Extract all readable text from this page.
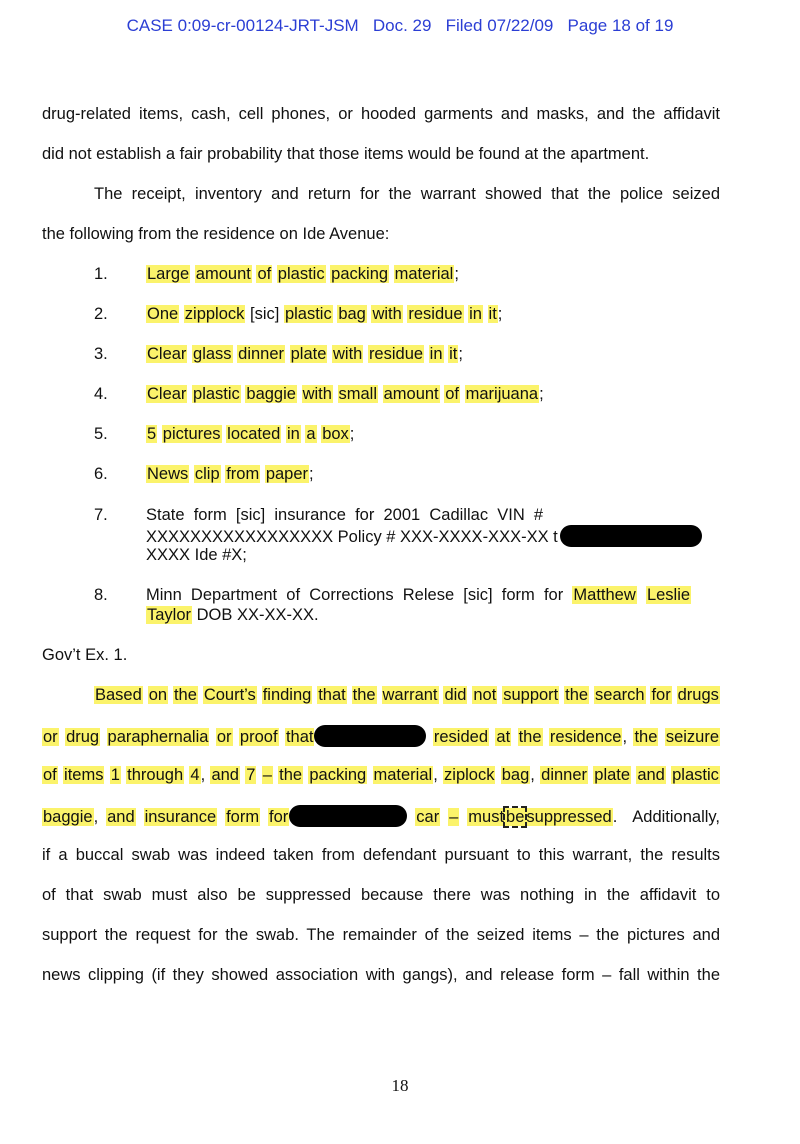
CASE 0:09-cr-00124-JRT-JSM   Doc. 29   Filed 07/22/09   Page 18 of 19
drug-related items, cash, cell phones, or hooded garments and masks, and the affidavit
did not establish a fair probability that those items would be found at the apartment.
The receipt, inventory and return for the warrant showed that the police seized
the following from the residence on Ide Avenue:
1. Large amount of plastic packing material;
2. One zipplock [sic] plastic bag with residue in it;
3. Clear glass dinner plate with residue in it;
4. Clear plastic baggie with small amount of marijuana;
5. 5 pictures located in a box;
6. News clip from paper;
7. State  form  [sic]  insurance  for  2001  Cadillac  VIN  #
XXXXXXXXXXXXXXXXX Policy # XXX-XXXX-XXX-XX t
XXXX Ide #X;
8. Minn  Department  of  Corrections  Relese  [sic]  form  for Matthew Leslie
Taylor DOB XX-XX-XX.
Gov’t Ex. 1.
Based on the Court’s finding that the warrant did not support the search for drugs
or drug paraphernalia or proof that	resided at the residence, the seizure
of items 1 through 4, and 7 – the packing material, ziplock bag, dinner plate and plastic
baggie, and insurance form for	car – must be suppressed.  Additionally,
if a buccal swab was indeed taken from defendant pursuant to this warrant, the results
of that swab must also be suppressed because there was nothing in the affidavit to
support the request for the swab. The remainder of the seized items – the pictures and
news clipping (if they showed association with gangs), and release form – fall within the
18
